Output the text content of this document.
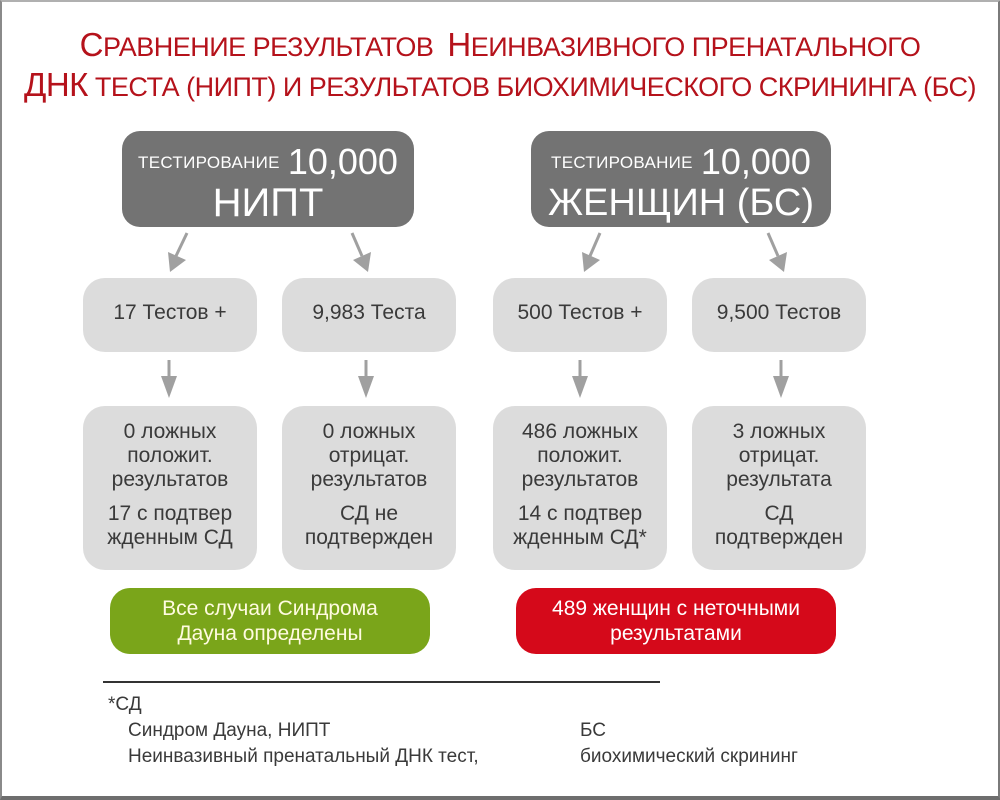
СРАВНЕНИЕ РЕЗУЛЬТАТОВ  НЕИНВАЗИВНОГО ПРЕНАТАЛЬНОГО
ДНК ТЕСТА (НИПТ) И РЕЗУЛЬТАТОВ БИОХИМИЧЕСКОГО СКРИНИНГА (БС)
ТЕСТИРОВАНИЕ 10,000
НИПТ
ТЕСТИРОВАНИЕ 10,000
ЖЕНЩИН (БС)
17 Тестов +	9,983 Теста	500 Тестов +	9,500 Тестов
0 ложных
положит.
результатов
17 с подтвер
жденным СД
0 ложных
отрицат.
результатов
СД не
подтвержден
486 ложных
положит.
результатов
14 с подтвер
жденным СД*
3 ложных
отрицат.
результата
СД
подтвержден
Все случаи Синдрома
Дауна определены
489 женщин с неточными
результатами
*СД
Синдром Дауна, НИПТ
Неинвазивный пренатальный ДНК тест,
БС
биохимический скрининг
